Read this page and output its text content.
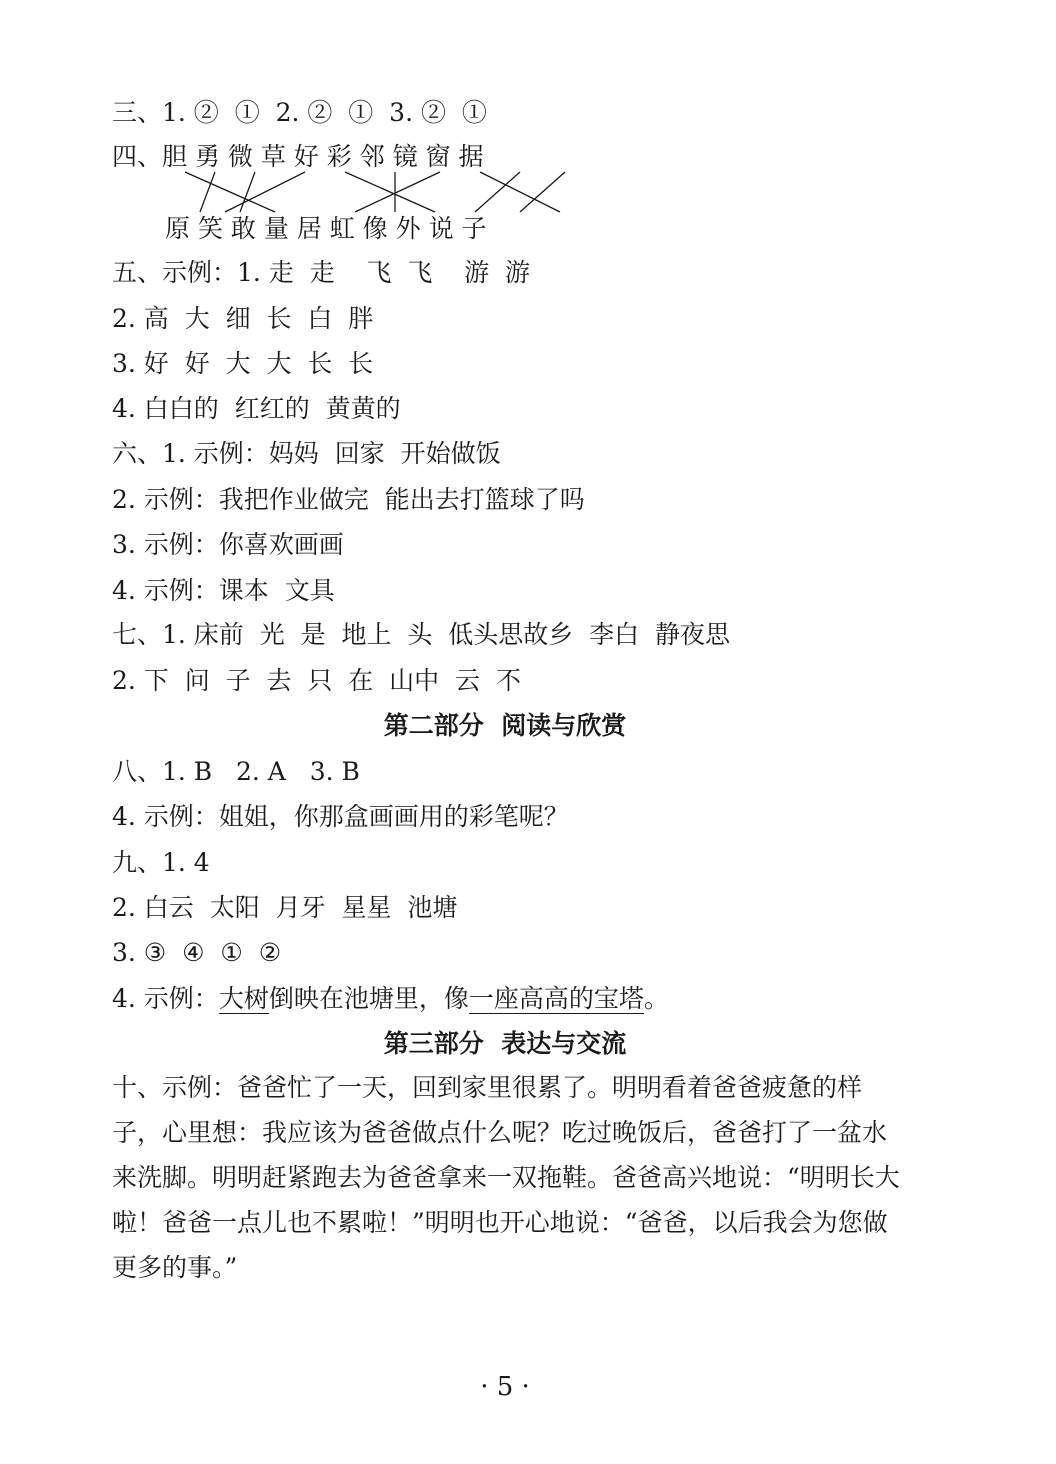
三、1. ②  ①  2. ②  ①  3. ②  ①
四、胆 勇 微 草 好 彩 邻 镜 窗 据
原 笑 敢 量 居 虹 像 外 说 子
五、示例：1. 走  走    飞  飞    游  游
2. 高  大  细  长  白  胖
3. 好  好  大  大  长  长
4. 白白的  红红的  黄黄的
六、1. 示例：妈妈  回家  开始做饭
2. 示例：我把作业做完  能出去打篮球了吗
3. 示例：你喜欢画画
4. 示例：课本  文具
七、1. 床前  光  是  地上  头  低头思故乡  李白  静夜思
2. 下  问  子  去  只  在  山中  云  不
第二部分  阅读与欣赏
八、1. B   2. A   3. B
4. 示例：姐姐，你那盒画画用的彩笔呢？
九、1. 4
2. 白云  太阳  月牙  星星  池塘
3. ③  ④  ①  ②
4. 示例：大树倒映在池塘里，像一座高高的宝塔。
第三部分  表达与交流
十、示例：爸爸忙了一天，回到家里很累了。明明看着爸爸疲惫的样子，心里想：我应该为爸爸做点什么呢？吃过晚饭后，爸爸打了一盆水来洗脚。明明赶紧跑去为爸爸拿来一双拖鞋。爸爸高兴地说：“明明长大啦！爸爸一点儿也不累啦！”明明也开心地说：“爸爸，以后我会为您做更多的事。”
· 5 ·
